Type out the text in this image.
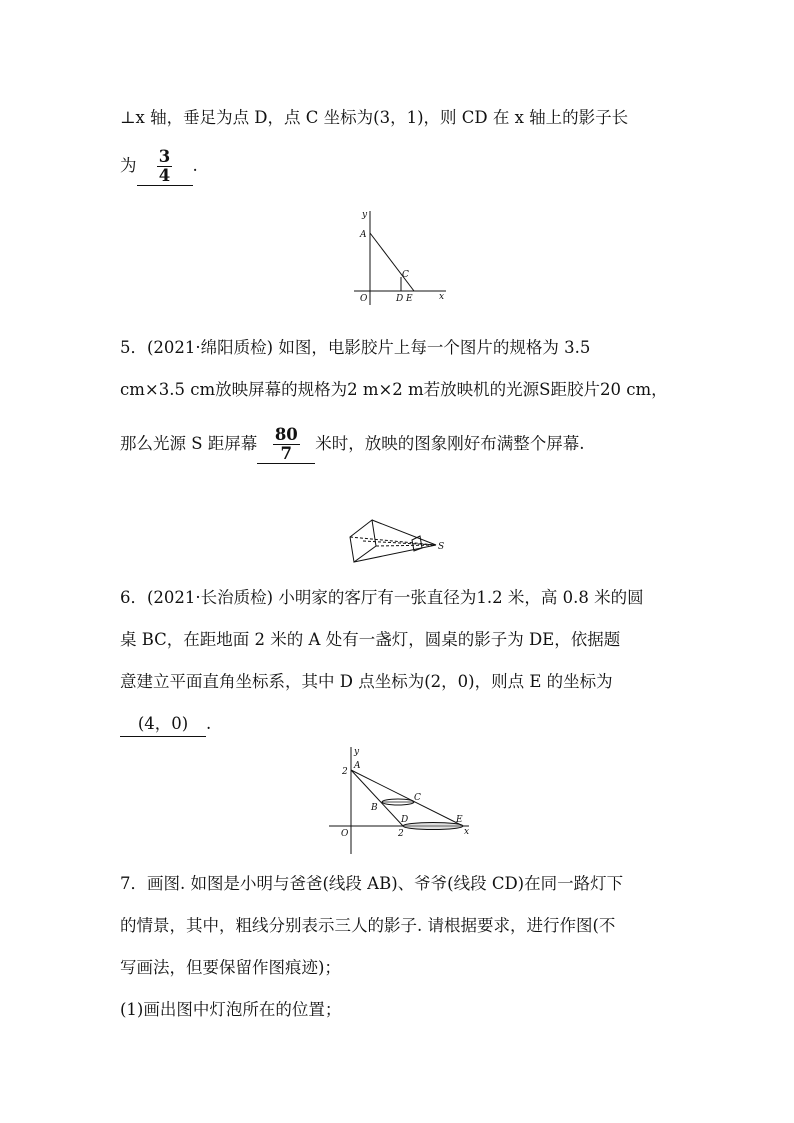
⊥x 轴，垂足为点 D，点 C 坐标为(3，1)，则 CD 在 x 轴上的影子长
为 $\frac{3}{4}$ .
y
A
C
O	D E	x
5．(2021·绵阳质检) 如图，电影胶片上每一个图片的规格为 3.5
cm×3.5 cm放映屏幕的规格为2 m×2 m若放映机的光源S距胶片20 cm，
那么光源 S 距屏幕 $\frac{80}{7}$ 米时，放映的图象刚好布满整个屏幕.
S
6．(2021·长治质检) 小明家的客厅有一张直径为1.2 米，高 0.8 米的圆
桌 BC，在距地面 2 米的 A 处有一盏灯，圆桌的影子为 DE，依据题
意建立平面直角坐标系，其中 D 点坐标为(2，0)，则点 E 的坐标为
(4，0) .
y
2
A
B
C
D	E
O	2	x
7．画图. 如图是小明与爸爸(线段 AB)、爷爷(线段 CD)在同一路灯下
的情景，其中，粗线分别表示三人的影子. 请根据要求，进行作图(不
写画法，但要保留作图痕迹)；
(1)画出图中灯泡所在的位置；
